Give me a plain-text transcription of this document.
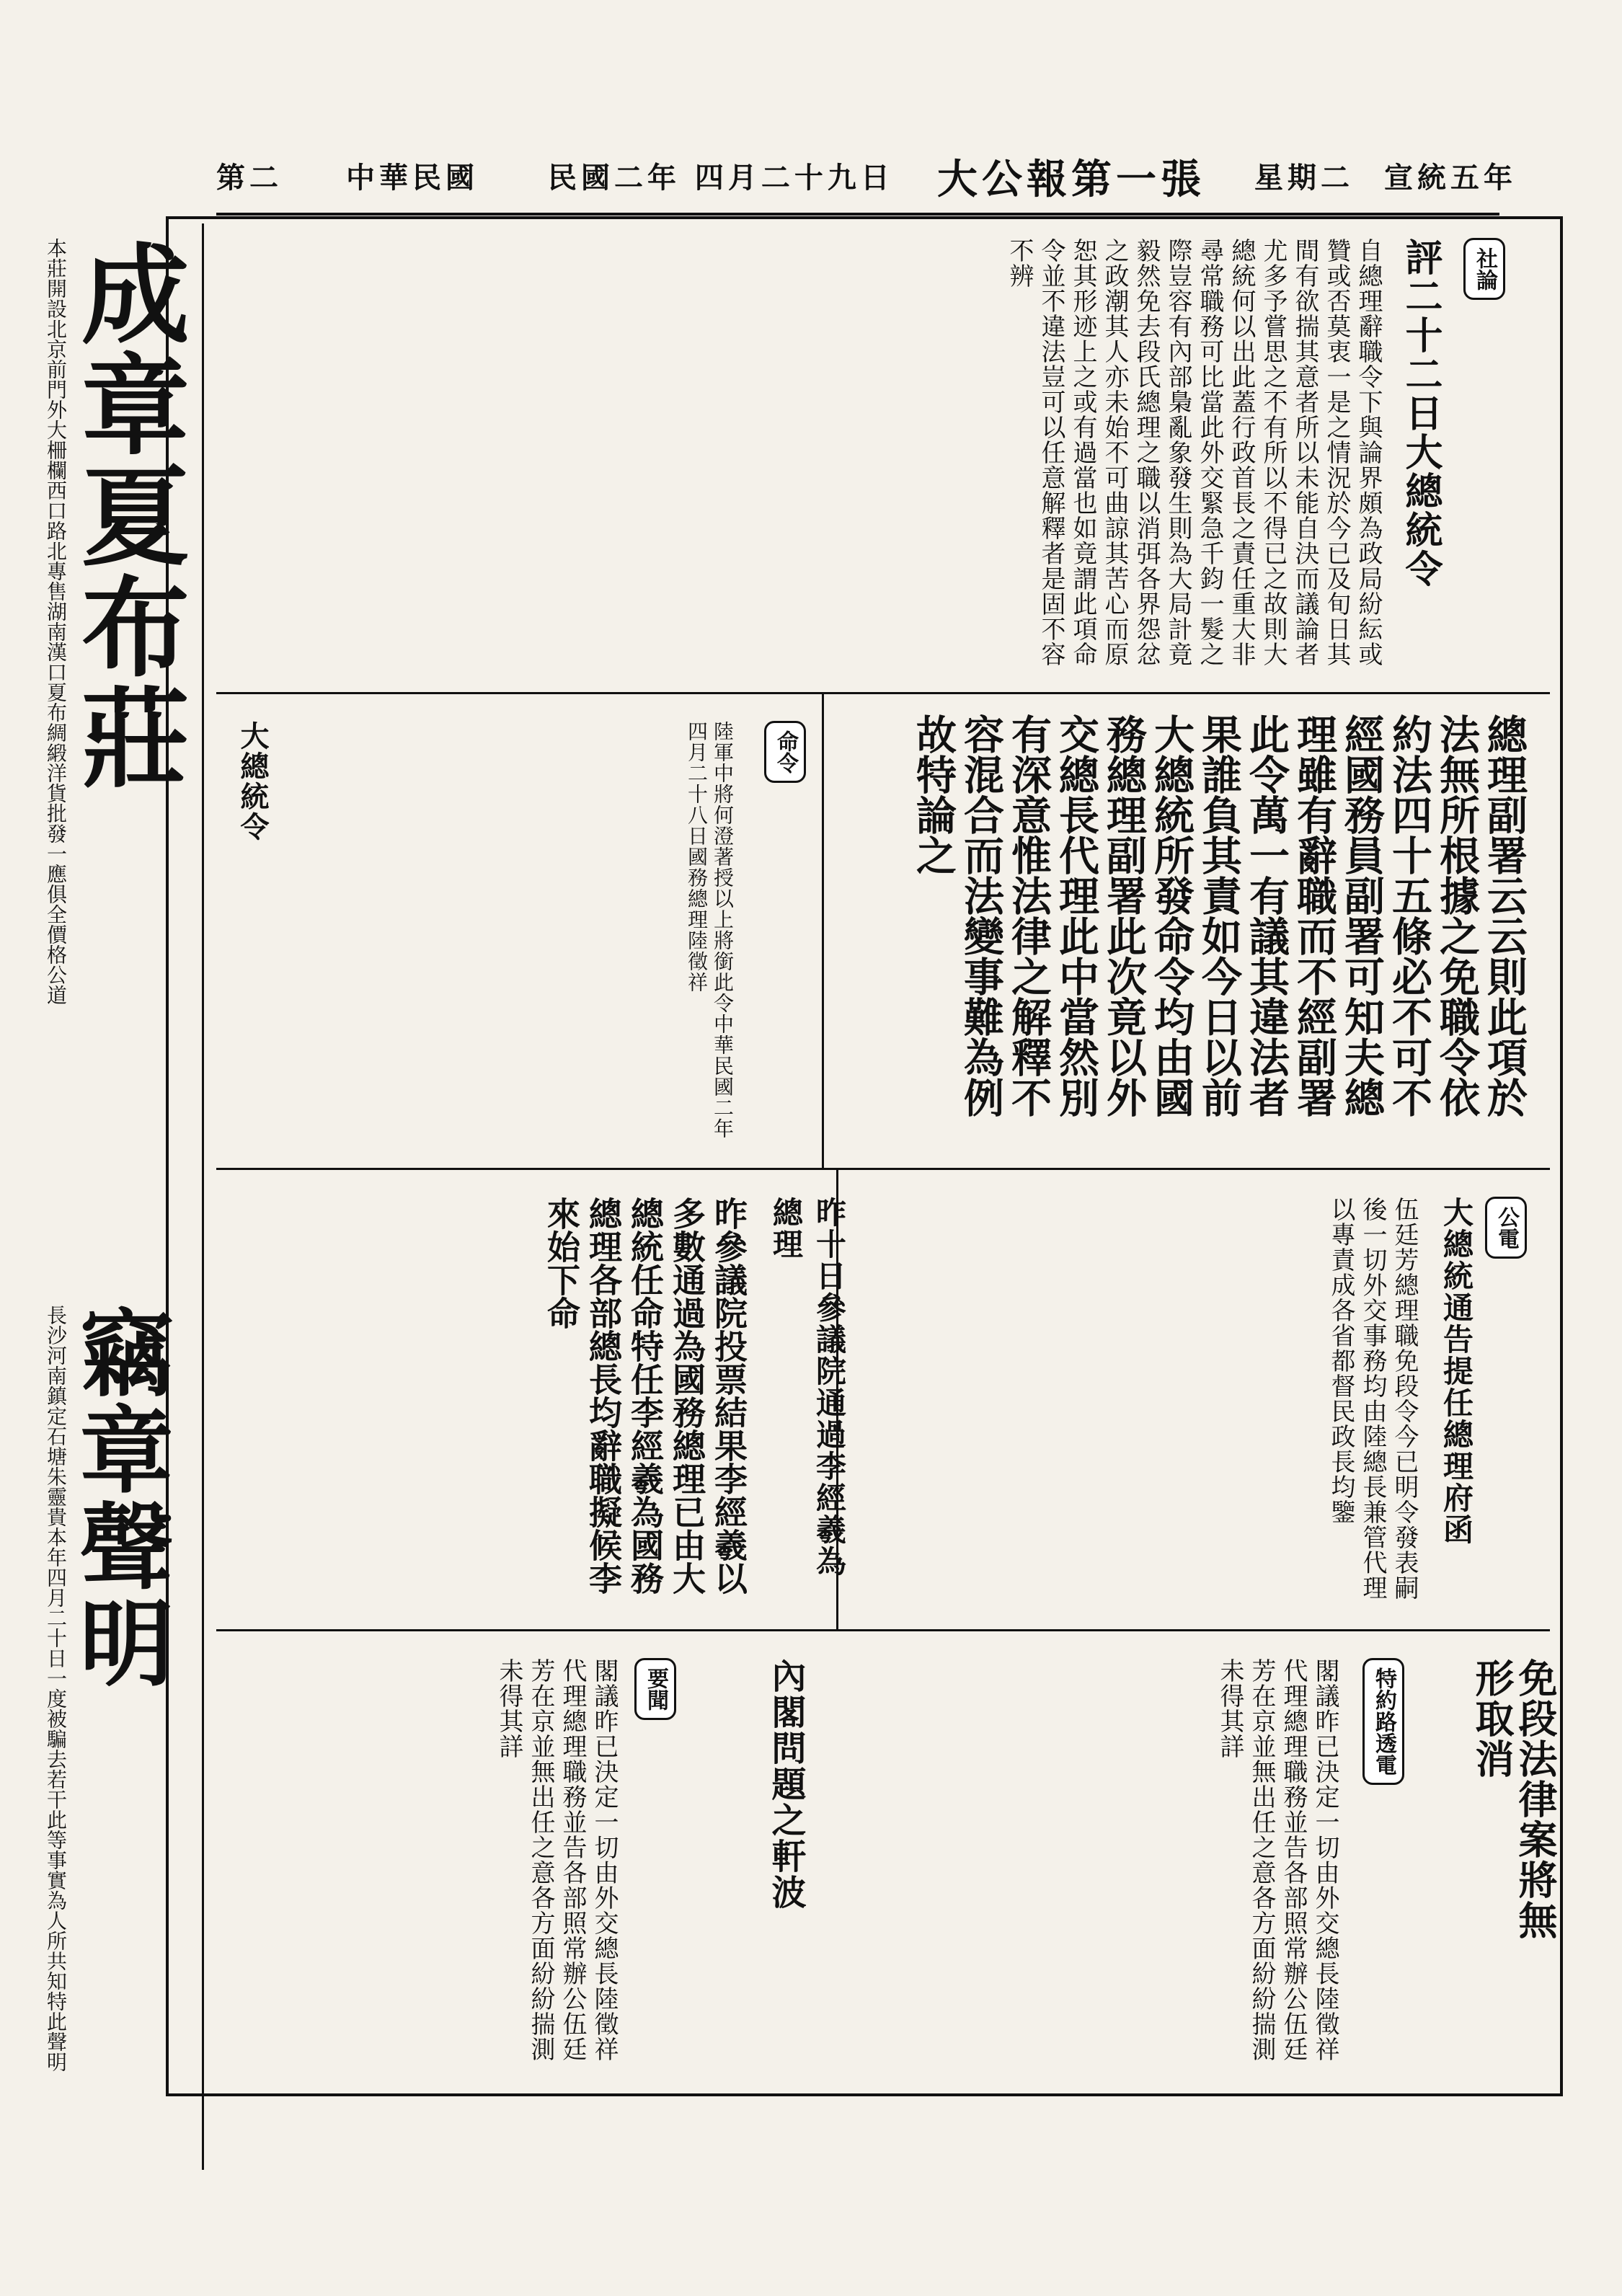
第二 中華民國 民國二年 四月二十九日 大公報第一張 星期二 宣統五年
成章夏布莊
本莊開設北京前門外大柵欄西口路北專售湖南漢口夏布綢緞洋貨批發一應俱全價格公道
竊章聲明
長沙河南鎮定石塘朱靈貴本年四月二十日一度被騙去若干此等事實為人所共知特此聲明
社論
評二十二日大總統令
自總理辭職令下與論界頗為政局紛紜或贊或否莫衷一是之情況於今已及旬日其間有欲揣其意者所以未能自決而議論者尤多予嘗思之不有所以不得已之故則大總統何以出此蓋行政首長之責任重大非尋常職務可比當此外交緊急千鈞一髮之際豈容有內部梟亂象發生則為大局計竟毅然免去段氏總理之職以消弭各界怨忿之政潮其人亦未始不可曲諒其苦心而原恕其形迹上之或有過當也如竟謂此項命令並不違法豈可以任意解釋者是固不容不辨
命令
大總統令	陸軍中將何澄著授以上將銜此令中華民國二年四月二十八日國務總理陸徵祥	總理副署云云則此項於法無所根據之免職令依約法四十五條必不可不經國務員副署可知夫總理雖有辭職而不經副署此令萬一有議其違法者果誰負其責如今日以前大總統所發命令均由國務總理副署此次竟以外交總長代理此中當然別有深意惟法律之解釋不容混合而法變事難為例故特論之
公電
大總統通告提任總理府函
伍廷芳總理職免段令今已明令發表嗣後一切外交事務均由陸總長兼管代理以專責成各省都督民政長均鑒
昨十日參議院通過李經羲為總理
昨參議院投票結果李經羲以多數通過為國務總理已由大總統任命特任李經羲為國務總理各部總長均辭職擬候李來始下命
免段法律案將無形取消
特約路透電
閣議昨已決定一切由外交總長陸徵祥代理總理職務並告各部照常辦公伍廷芳在京並無出任之意各方面紛紛揣測未得其詳
內閣問題之軒波
要聞
閣議昨已決定一切由外交總長陸徵祥代理總理職務並告各部照常辦公伍廷芳在京並無出任之意各方面紛紛揣測未得其詳
